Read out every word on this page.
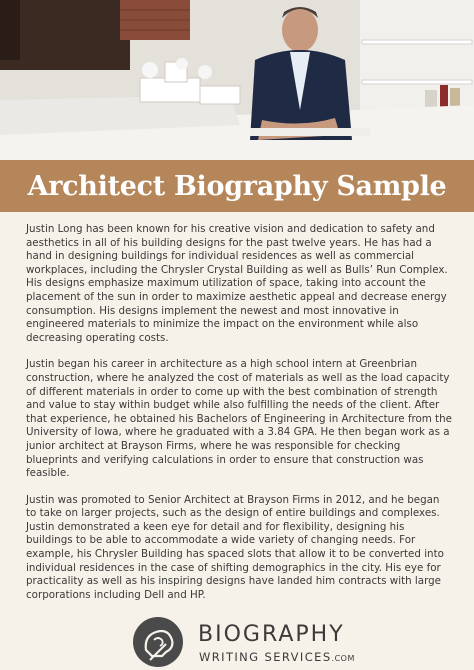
Architect Biography Sample

Justin Long has been known for his creative vision and dedication to safety and aesthetics in all of his building designs for the past twelve years. He has had a hand in designing buildings for individual residences as well as commercial workplaces, including the Chrysler Crystal Building as well as Bulls’ Run Complex. His designs emphasize maximum utilization of space, taking into account the placement of the sun in order to maximize aesthetic appeal and decrease energy consumption. His designs implement the newest and most innovative in engineered materials to minimize the impact on the environment while also decreasing operating costs.

Justin began his career in architecture as a high school intern at Greenbrian construction, where he analyzed the cost of materials as well as the load capacity of different materials in order to come up with the best combination of strength and value to stay within budget while also fulfilling the needs of the client. After that experience, he obtained his Bachelors of Engineering in Architecture from the University of Iowa, where he graduated with a 3.84 GPA. He then began work as a junior architect at Brayson Firms, where he was responsible for checking blueprints and verifying calculations in order to ensure that construction was feasible.

Justin was promoted to Senior Architect at Brayson Firms in 2012, and he began to take on larger projects, such as the design of entire buildings and complexes. Justin demonstrated a keen eye for detail and for flexibility, designing his buildings to be able to accommodate a wide variety of changing needs. For example, his Chrysler Building has spaced slots that allow it to be converted into individual residences in the case of shifting demographics in the city. His eye for practicality as well as his inspiring designs have landed him contracts with large corporations including Dell and HP.

BIOGRAPHY
WRITING SERVICES.COM
